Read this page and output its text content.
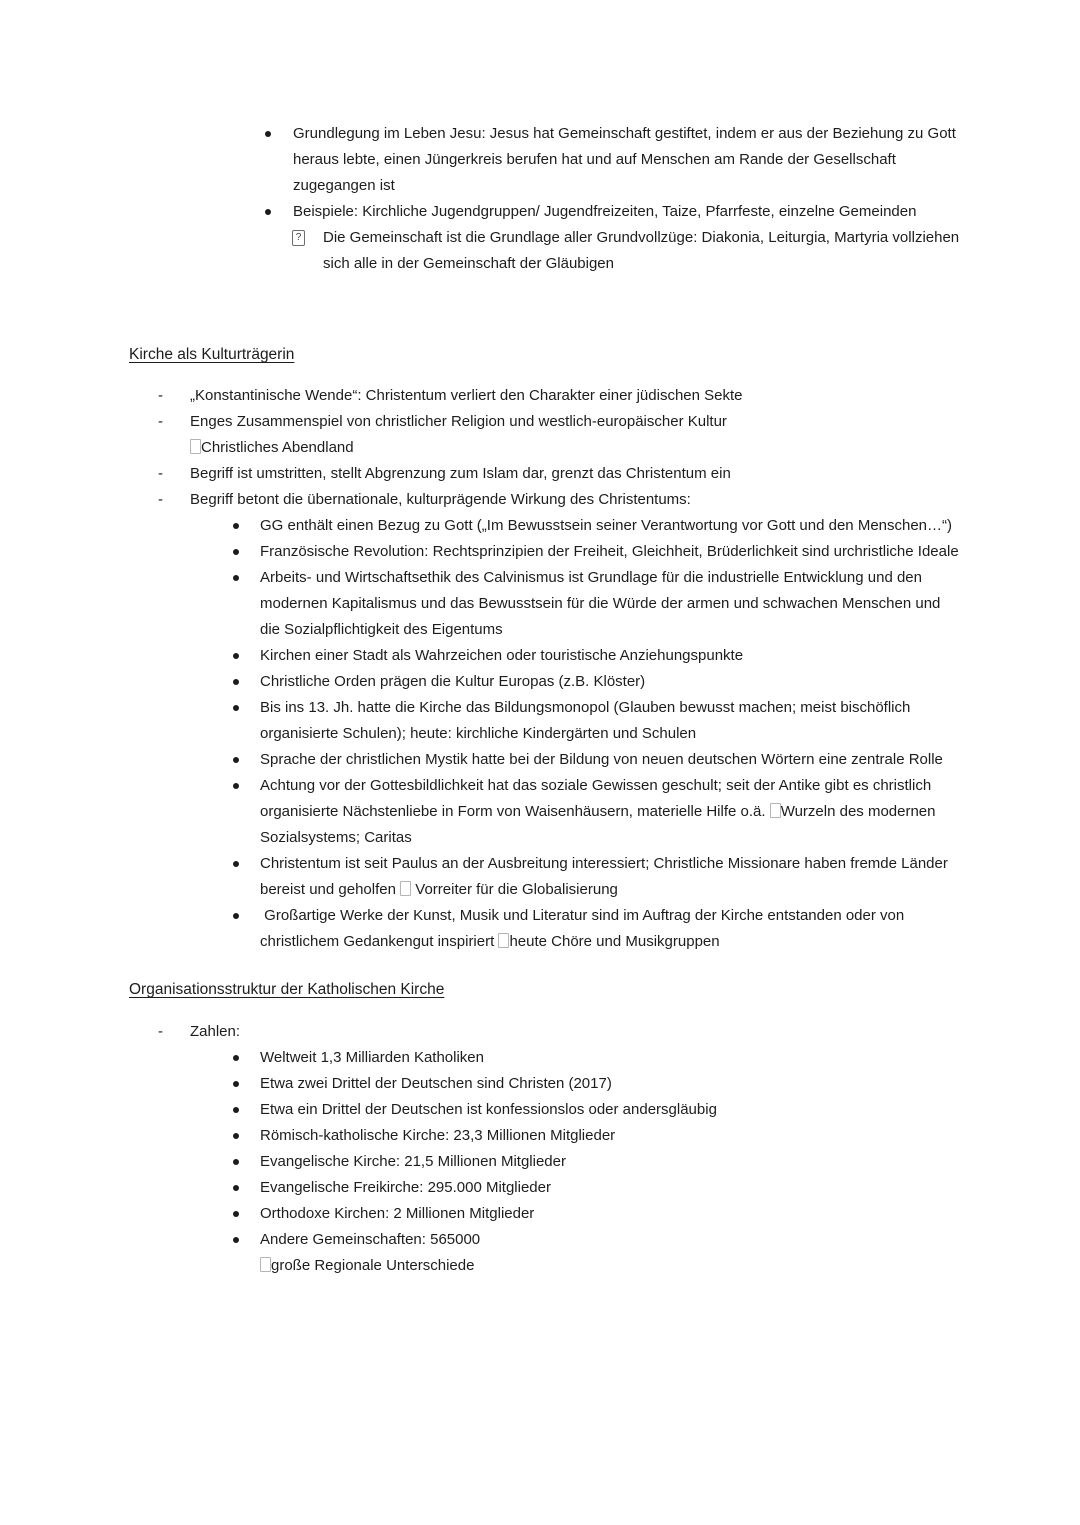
Grundlegung im Leben Jesu: Jesus hat Gemeinschaft gestiftet, indem er aus der Beziehung zu Gott heraus lebte, einen Jüngerkreis berufen hat und auf Menschen am Rande der Gesellschaft zugegangen ist
Beispiele: Kirchliche Jugendgruppen/ Jugendfreizeiten, Taize, Pfarrfeste, einzelne Gemeinden
? Die Gemeinschaft ist die Grundlage aller Grundvollzüge: Diakonia, Leiturgia, Martyria vollziehen sich alle in der Gemeinschaft der Gläubigen
Kirche als Kulturträgerin
-	„Konstantinische Wende“: Christentum verliert den Charakter einer jüdischen Sekte
-	Enges Zusammenspiel von christlicher Religion und westlich-europäischer Kultur
Christliches Abendland
-	Begriff ist umstritten, stellt Abgrenzung zum Islam dar, grenzt das Christentum ein
-	Begriff betont die übernationale, kulturprägende Wirkung des Christentums:
GG enthält einen Bezug zu Gott („Im Bewusstsein seiner Verantwortung vor Gott und den Menschen…“)
Französische Revolution: Rechtsprinzipien der Freiheit, Gleichheit, Brüderlichkeit sind urchristliche Ideale
Arbeits- und Wirtschaftsethik des Calvinismus ist Grundlage für die industrielle Entwicklung und den modernen Kapitalismus und das Bewusstsein für die Würde der armen und schwachen Menschen und die Sozialpflichtigkeit des Eigentums
Kirchen einer Stadt als Wahrzeichen oder touristische Anziehungspunkte
Christliche Orden prägen die Kultur Europas (z.B. Klöster)
Bis ins 13. Jh. hatte die Kirche das Bildungsmonopol (Glauben bewusst machen; meist bischöflich organisierte Schulen); heute: kirchliche Kindergärten und Schulen
Sprache der christlichen Mystik hatte bei der Bildung von neuen deutschen Wörtern eine zentrale Rolle
Achtung vor der Gottesbildlichkeit hat das soziale Gewissen geschult; seit der Antike gibt es christlich organisierte Nächstenliebe in Form von Waisenhäusern, materielle Hilfe o.ä. Wurzeln des modernen Sozialsystems; Caritas
Christentum ist seit Paulus an der Ausbreitung interessiert; Christliche Missionare haben fremde Länder bereist und geholfen  Vorreiter für die Globalisierung
Großartige Werke der Kunst, Musik und Literatur sind im Auftrag der Kirche entstanden oder von christlichem Gedankengut inspiriert heute Chöre und Musikgruppen
Organisationsstruktur der Katholischen Kirche
-	Zahlen:
Weltweit 1,3 Milliarden Katholiken
Etwa zwei Drittel der Deutschen sind Christen (2017)
Etwa ein Drittel der Deutschen ist konfessionslos oder andersgläubig
Römisch-katholische Kirche: 23,3 Millionen Mitglieder
Evangelische Kirche: 21,5 Millionen Mitglieder
Evangelische Freikirche: 295.000 Mitglieder
Orthodoxe Kirchen: 2 Millionen Mitglieder
Andere Gemeinschaften: 565000
große Regionale Unterschiede
